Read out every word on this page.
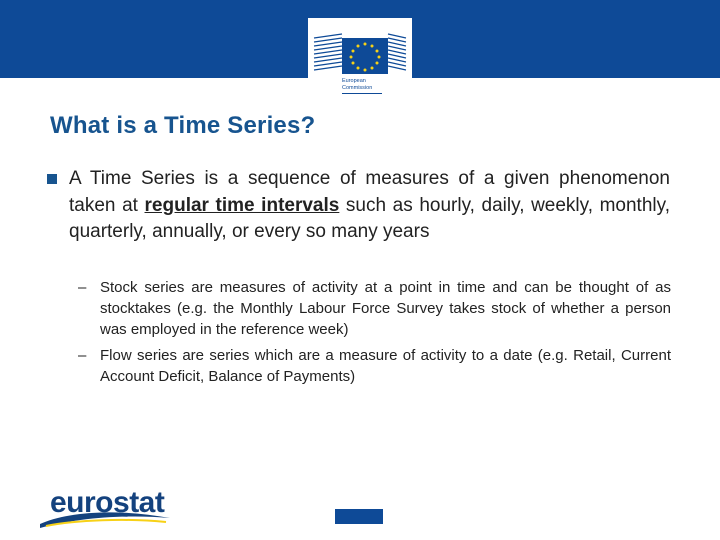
European
Commission
What is a Time Series?

A Time Series is a sequence of measures of a given phenomenon taken at regular time intervals such as hourly, daily, weekly, monthly, quarterly, annually, or every so many years

– Stock series are measures of activity at a point in time and can be thought of as stocktakes (e.g. the Monthly Labour Force Survey takes stock of whether a person was employed in the reference week)

– Flow series are series which are a measure of activity to a date (e.g. Retail, Current Account Deficit, Balance of Payments)

eurostat
